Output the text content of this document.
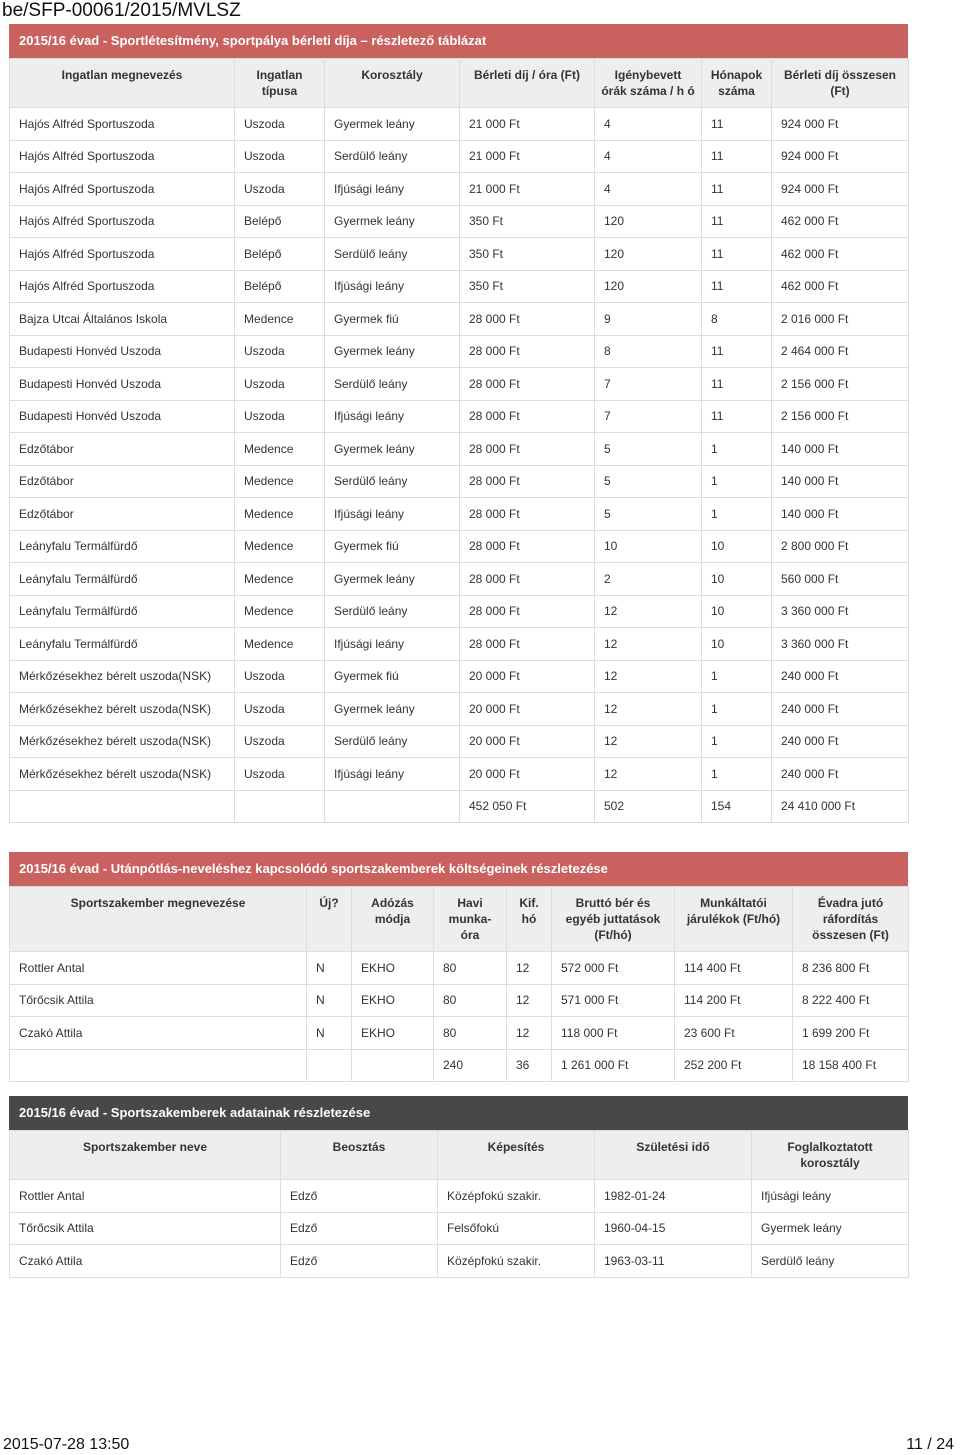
be/SFP-00061/2015/MVLSZ
2015/16 évad - Sportlétesítmény, sportpálya bérleti díja – részletező táblázat
Ingatlan megnevezés	Ingatlan típusa	Korosztály	Bérleti díj / óra (Ft)	Igénybevett órák száma / h ó	Hónapok száma	Bérleti díj összesen (Ft)
Hajós Alfréd Sportuszoda	Uszoda	Gyermek leány	21 000 Ft	4	11	924 000 Ft
Hajós Alfréd Sportuszoda	Uszoda	Serdülő leány	21 000 Ft	4	11	924 000 Ft
Hajós Alfréd Sportuszoda	Uszoda	Ifjúsági leány	21 000 Ft	4	11	924 000 Ft
Hajós Alfréd Sportuszoda	Belépő	Gyermek leány	350 Ft	120	11	462 000 Ft
Hajós Alfréd Sportuszoda	Belépő	Serdülő leány	350 Ft	120	11	462 000 Ft
Hajós Alfréd Sportuszoda	Belépő	Ifjúsági leány	350 Ft	120	11	462 000 Ft
Bajza Utcai Általános Iskola	Medence	Gyermek fiú	28 000 Ft	9	8	2 016 000 Ft
Budapesti Honvéd Uszoda	Uszoda	Gyermek leány	28 000 Ft	8	11	2 464 000 Ft
Budapesti Honvéd Uszoda	Uszoda	Serdülő leány	28 000 Ft	7	11	2 156 000 Ft
Budapesti Honvéd Uszoda	Uszoda	Ifjúsági leány	28 000 Ft	7	11	2 156 000 Ft
Edzőtábor	Medence	Gyermek leány	28 000 Ft	5	1	140 000 Ft
Edzőtábor	Medence	Serdülő leány	28 000 Ft	5	1	140 000 Ft
Edzőtábor	Medence	Ifjúsági leány	28 000 Ft	5	1	140 000 Ft
Leányfalu Termálfürdő	Medence	Gyermek fiú	28 000 Ft	10	10	2 800 000 Ft
Leányfalu Termálfürdő	Medence	Gyermek leány	28 000 Ft	2	10	560 000 Ft
Leányfalu Termálfürdő	Medence	Serdülő leány	28 000 Ft	12	10	3 360 000 Ft
Leányfalu Termálfürdő	Medence	Ifjúsági leány	28 000 Ft	12	10	3 360 000 Ft
Mérkőzésekhez bérelt uszoda(NSK)	Uszoda	Gyermek fiú	20 000 Ft	12	1	240 000 Ft
Mérkőzésekhez bérelt uszoda(NSK)	Uszoda	Gyermek leány	20 000 Ft	12	1	240 000 Ft
Mérkőzésekhez bérelt uszoda(NSK)	Uszoda	Serdülő leány	20 000 Ft	12	1	240 000 Ft
Mérkőzésekhez bérelt uszoda(NSK)	Uszoda	Ifjúsági leány	20 000 Ft	12	1	240 000 Ft
			452 050 Ft	502	154	24 410 000 Ft
2015/16 évad - Utánpótlás-neveléshez kapcsolódó sportszakemberek költségeinek részletezése
Sportszakember megnevezése	Új?	Adózás módja	Havi munka-óra	Kif. hó	Bruttó bér és egyéb juttatások (Ft/hó)	Munkáltatói járulékok (Ft/hó)	Évadra jutó ráfordítás összesen (Ft)
Rottler Antal	N	EKHO	80	12	572 000 Ft	114 400 Ft	8 236 800 Ft
Tőrőcsik Attila	N	EKHO	80	12	571 000 Ft	114 200 Ft	8 222 400 Ft
Czakó Attila	N	EKHO	80	12	118 000 Ft	23 600 Ft	1 699 200 Ft
			240	36	1 261 000 Ft	252 200 Ft	18 158 400 Ft
2015/16 évad - Sportszakemberek adatainak részletezése
Sportszakember neve	Beosztás	Képesítés	Születési idő	Foglalkoztatott korosztály
Rottler Antal	Edző	Középfokú szakir.	1982-01-24	Ifjúsági leány
Tőrőcsik Attila	Edző	Felsőfokú	1960-04-15	Gyermek leány
Czakó Attila	Edző	Középfokú szakir.	1963-03-11	Serdülő leány
2015-07-28 13:50	11 / 24
